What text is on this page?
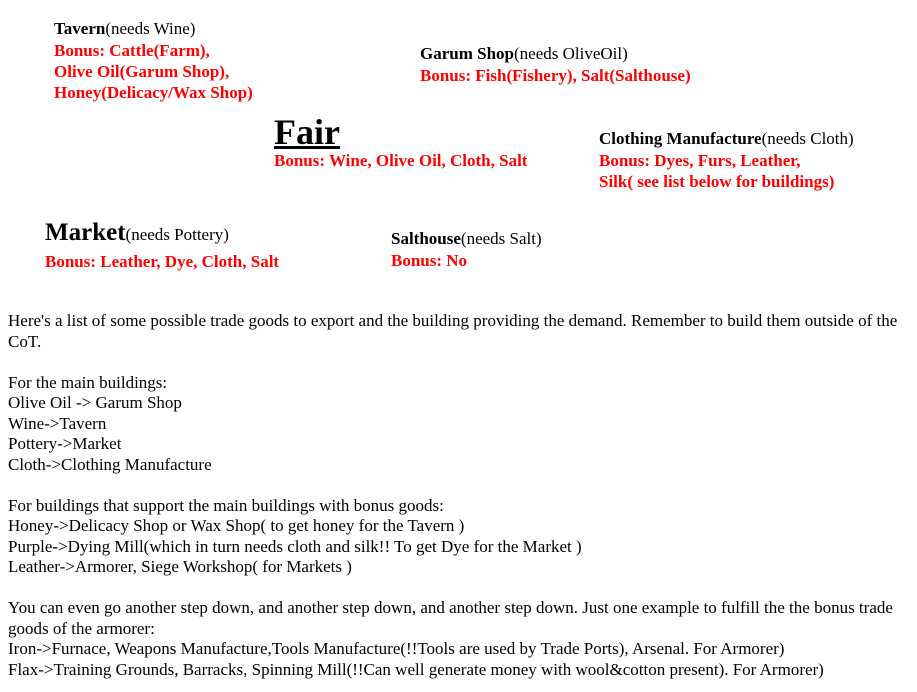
Tavern(needs Wine)
Bonus: Cattle(Farm),
Olive Oil(Garum Shop),
Honey(Delicacy/Wax Shop)
Garum Shop(needs OliveOil)
Bonus: Fish(Fishery), Salt(Salthouse)
Fair
Bonus: Wine, Olive Oil, Cloth, Salt
Clothing Manufacture(needs Cloth)
Bonus: Dyes, Furs, Leather,
Silk( see list below for buildings)
Market(needs Pottery)
Bonus: Leather, Dye, Cloth, Salt
Salthouse(needs Salt)
Bonus: No

Here's a list of some possible trade goods to export and the building providing the demand. Remember to build them outside of the CoT.

For the main buildings:
Olive Oil -> Garum Shop
Wine->Tavern
Pottery->Market
Cloth->Clothing Manufacture
For buildings that support the main buildings with bonus goods:
Honey->Delicacy Shop or Wax Shop( to get honey for the Tavern )
Purple->Dying Mill(which in turn needs cloth and silk!! To get Dye for the Market )
Leather->Armorer, Siege Workshop( for Markets )

You can even go another step down, and another step down, and another step down. Just one example to fulfill the the bonus trade goods of the armorer:

Iron->Furnace, Weapons Manufacture,Tools Manufacture(!!Tools are used by Trade Ports), Arsenal. For Armorer)
Flax->Training Grounds, Barracks, Spinning Mill(!!Can well generate money with wool&cotton present). For Armorer)
